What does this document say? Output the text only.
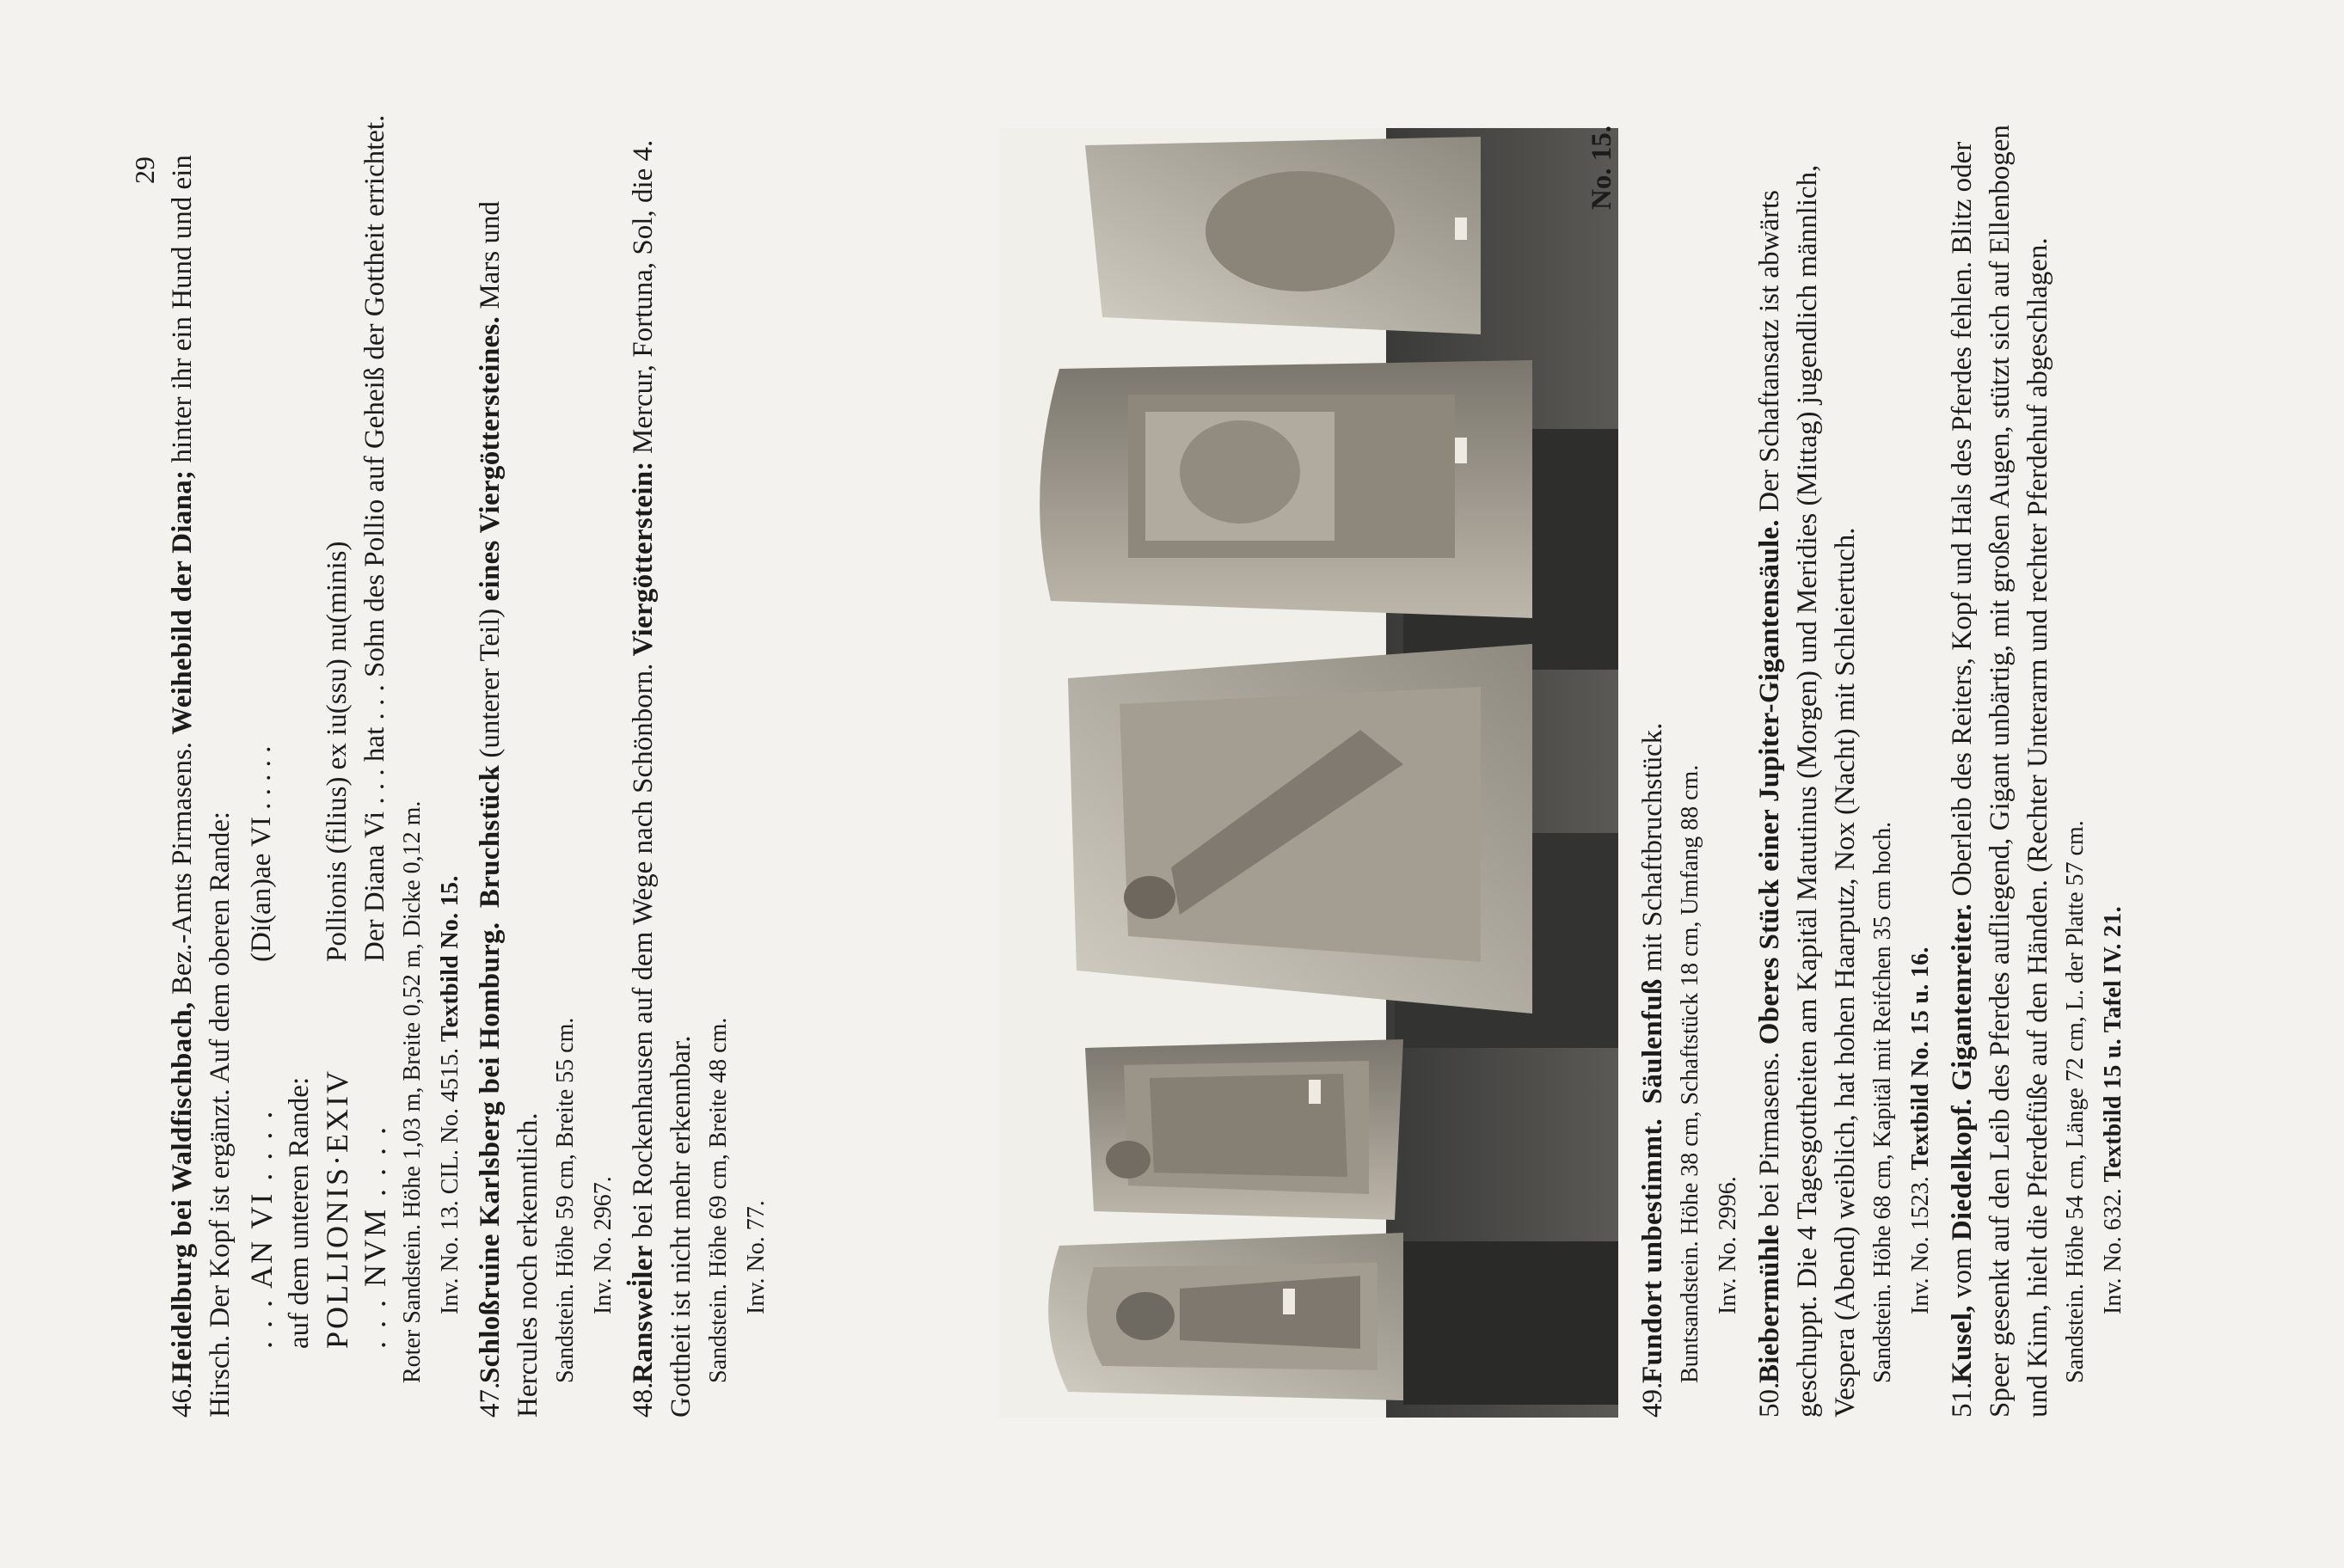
29

46.Heidelburg bei Waldfischbach, Bez.-Amts Pirmasens. Weihebild der Diana; hinter ihr ein Hund und ein Hirsch. Der Kopf ist ergänzt. Auf dem oberen Rande: . . . AN VI . . . .
(Di(an)ae VI . . . . .
auf dem unteren Rande: POLLIONIS·EXIV
Pollionis (filius) ex iu(ssu) nu(minis)
. . . NVM . . . .
Der Diana Vi . . . hat . . . Sohn des Pollio auf Geheiß der Gottheit errichtet.

Roter Sandstein. Höhe 1,03 m, Breite 0,52 m, Dicke 0,12 m. Inv. No. 13. CIL. No. 4515. Textbild No. 15.

47.Schloßruine Karlsberg bei Homburg.  Bruchstück (unterer Teil) eines Viergöttersteines. Mars und Hercules noch erkenntlich. Sandstein. Höhe 59 cm, Breite 55 cm. Inv. No. 2967.

48.Ranswei̇ler bei Rockenhausen auf dem Wege nach Schönborn. Viergötterstein: Mercur, Fortuna, Sol, die 4. Gottheit ist nicht mehr erkennbar. Sandstein. Höhe 69 cm, Breite 48 cm. Inv. No. 77.

No. 15.

49.Fundort unbestimmt.  Säulenfuß mit Schaftbruchstück. Buntsandstein. Höhe 38 cm, Schaftstück 18 cm, Umfang 88 cm. Inv. No. 2996.

50.Biebermühle bei Pirmasens. Oberes Stück einer Jupiter-Gigantensäule. Der Schaftansatz ist abwärts geschuppt. Die 4 Tagesgottheiten am Kapitäl Matutinus (Morgen) und Meridies (Mittag) jugendlich männlich, Vespera (Abend) weiblich, hat hohen Haarputz, Nox (Nacht) mit Schleiertuch. Sandstein. Höhe 68 cm, Kapitäl mit Reifchen 35 cm hoch. Inv. No. 1523. Textbild No. 15 u. 16.

51.Kusel, vom Diedelkopf. Gigantenreiter. Oberleib des Reiters, Kopf und Hals des Pferdes fehlen. Blitz oder Speer gesenkt auf den Leib des Pferdes aufliegend, Gigant unbärtig, mit großen Augen, stützt sich auf Ellenbogen und Kinn, hielt die Pferdefüße auf den Händen. (Rechter Unterarm und rechter Pferdehuf abgeschlagen. Sandstein. Höhe 54 cm, Länge 72 cm, L. der Platte 57 cm. Inv. No. 632. Textbild 15 u. Tafel IV. 21.
